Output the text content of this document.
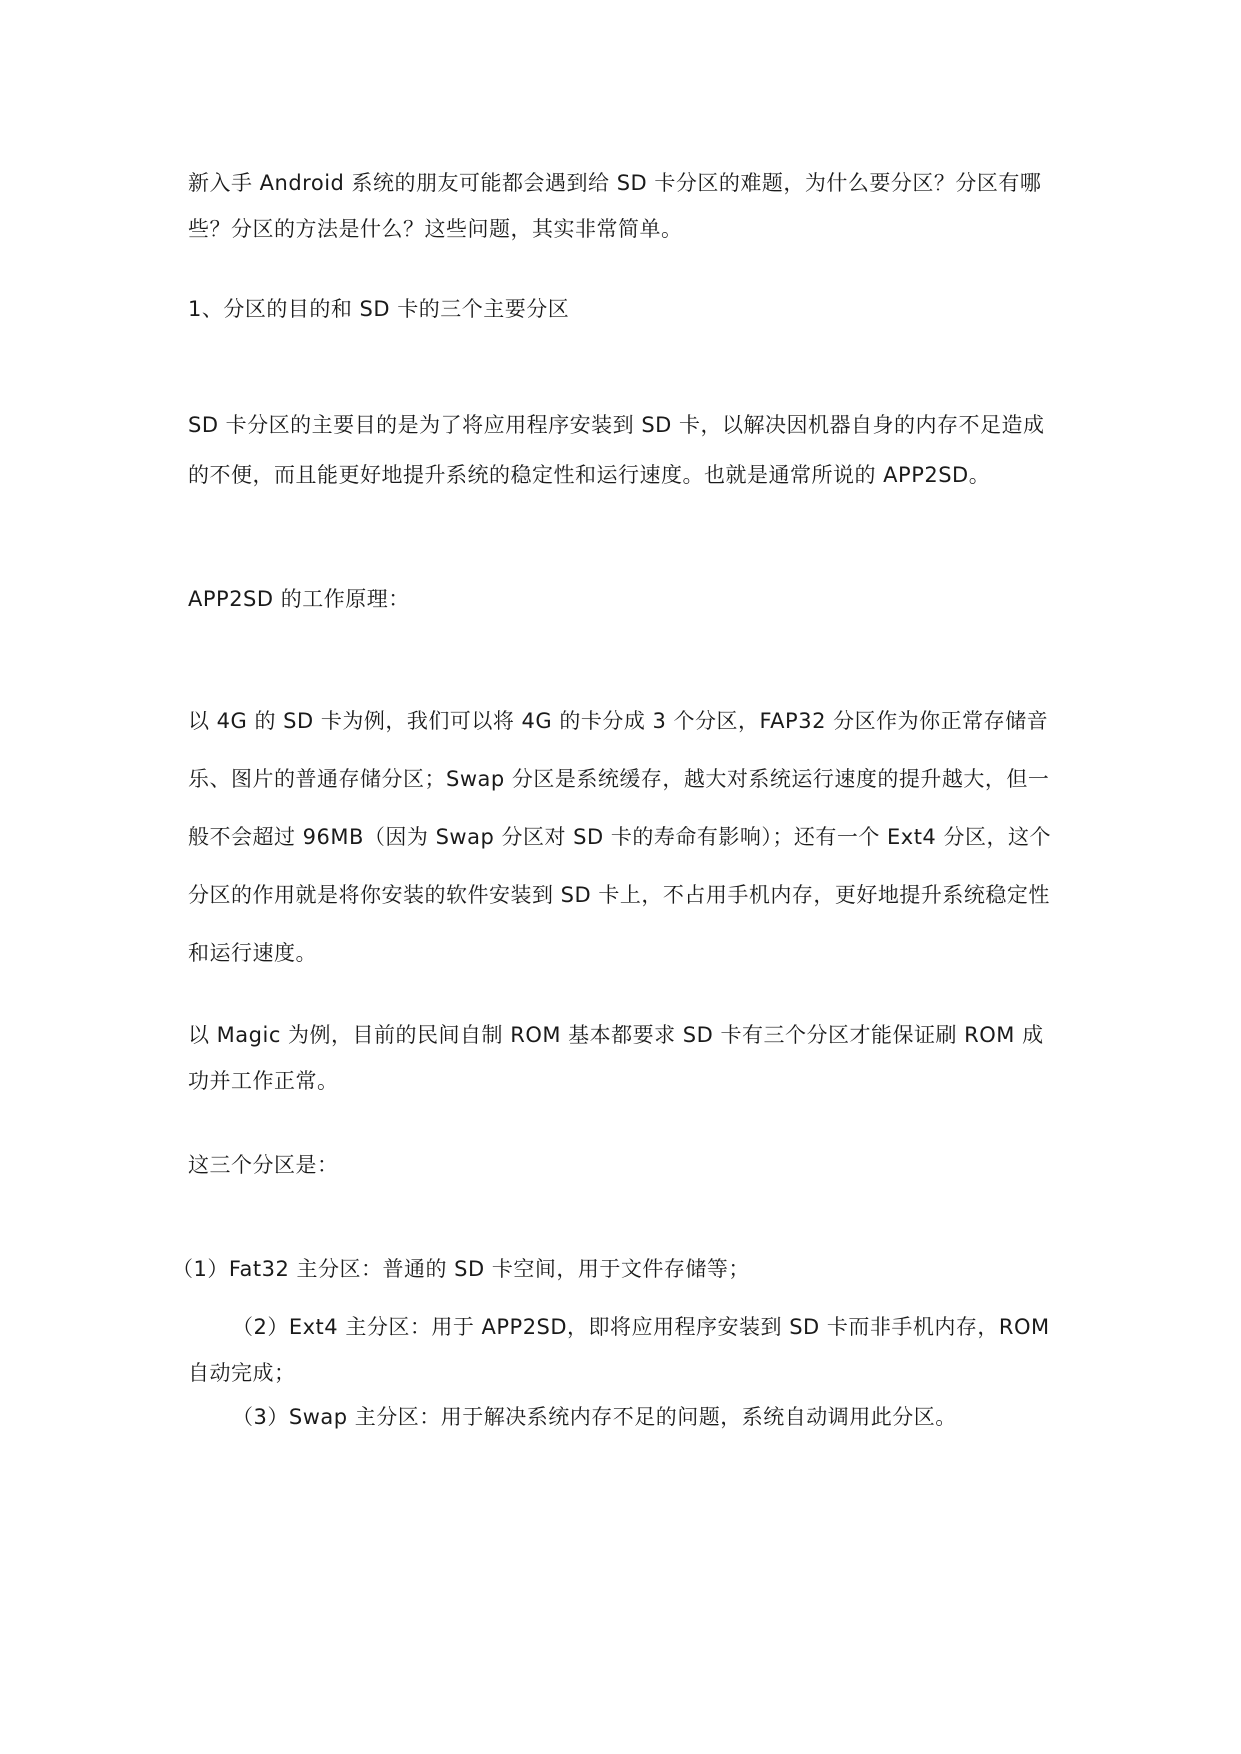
新入手 Android 系统的朋友可能都会遇到给 SD 卡分区的难题，为什么要分区？分区有哪些？分区的方法是什么？这些问题，其实非常简单。

1、分区的目的和 SD 卡的三个主要分区

SD 卡分区的主要目的是为了将应用程序安装到 SD 卡，以解决因机器自身的内存不足造成的不便，而且能更好地提升系统的稳定性和运行速度。也就是通常所说的 APP2SD。

APP2SD 的工作原理：

以 4G 的 SD 卡为例，我们可以将 4G 的卡分成 3 个分区，FAP32 分区作为你正常存储音乐、图片的普通存储分区；Swap 分区是系统缓存，越大对系统运行速度的提升越大，但一般不会超过 96MB（因为 Swap 分区对 SD 卡的寿命有影响）；还有一个 Ext4 分区，这个分区的作用就是将你安装的软件安装到 SD 卡上，不占用手机内存，更好地提升系统稳定性和运行速度。

以 Magic 为例，目前的民间自制 ROM 基本都要求 SD 卡有三个分区才能保证刷 ROM 成功并工作正常。

这三个分区是：

（1）Fat32 主分区：普通的 SD 卡空间，用于文件存储等；

（2）Ext4 主分区：用于 APP2SD，即将应用程序安装到 SD 卡而非手机内存，ROM 自动完成；

（3）Swap 主分区：用于解决系统内存不足的问题，系统自动调用此分区。
